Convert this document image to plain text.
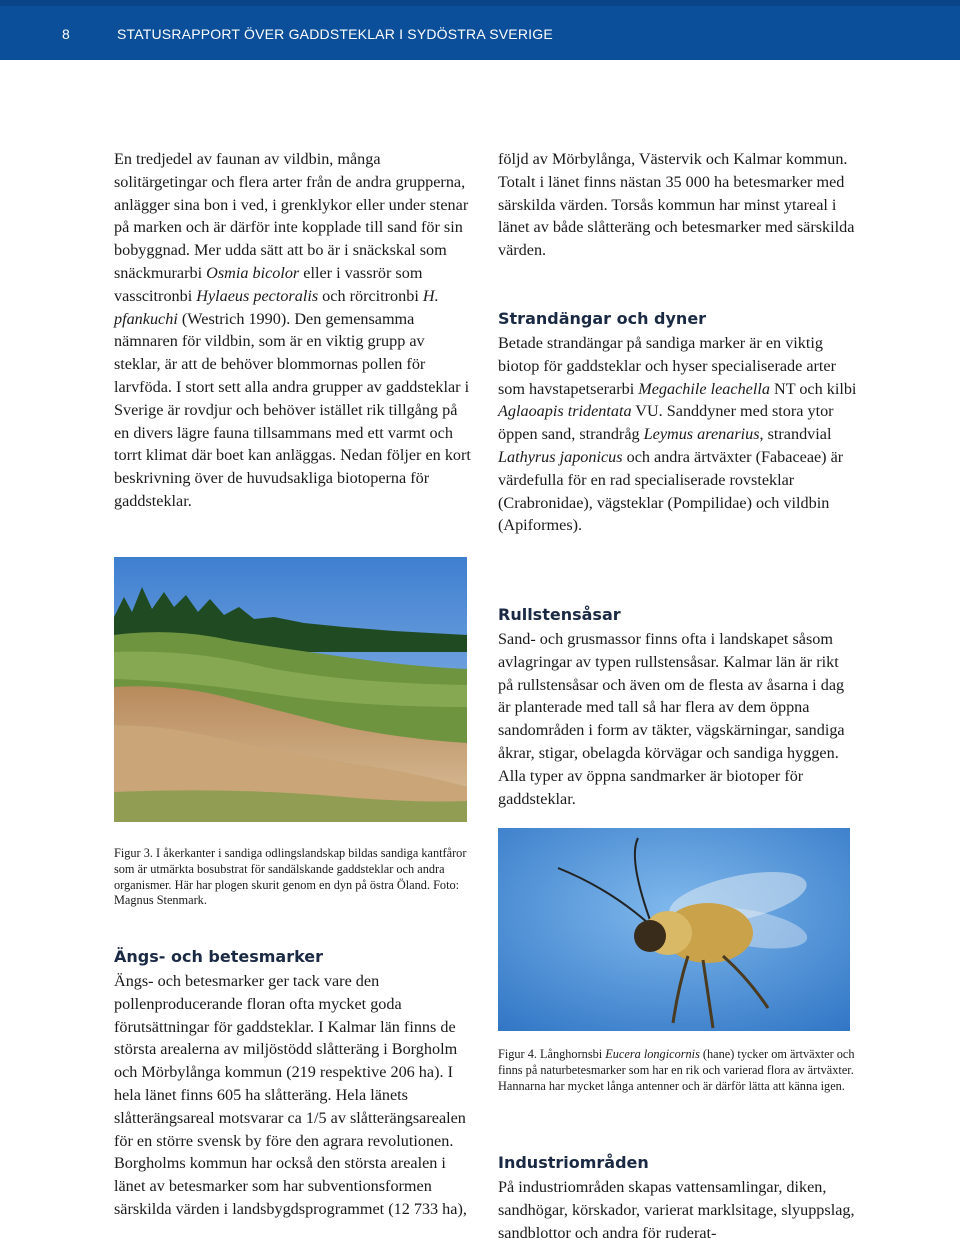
8	STATUSRAPPORT ÖVER GADDSTEKLAR I SYDÖSTRA SVERIGE

En tredjedel av faunan av vildbin, många solitärgetingar och flera arter från de andra grupperna, anlägger sina bon i ved, i grenklykor eller under stenar på marken och är därför inte kopplade till sand för sin bobyggnad. Mer udda sätt att bo är i snäckskal som snäckmurarbi Osmia bicolor eller i vassrör som vasscitronbi Hylaeus pectoralis och rörcitronbi H. pfankuchi (Westrich 1990). Den gemensamma nämnaren för vildbin, som är en viktig grupp av steklar, är att de behöver blommornas pollen för larvföda. I stort sett alla andra grupper av gaddsteklar i Sverige är rovdjur och behöver istället rik tillgång på en divers lägre fauna tillsammans med ett varmt och torrt klimat där boet kan anläggas. Nedan följer en kort beskrivning över de huvudsakliga biotoperna för gaddsteklar.

följd av Mörbylånga, Västervik och Kalmar kommun. Totalt i länet finns nästan 35 000 ha betesmarker med särskilda värden. Torsås kommun har minst ytareal i länet av både slåtteräng och betesmarker med särskilda värden.

Strandängar och dyner

Betade strandängar på sandiga marker är en viktig biotop för gaddsteklar och hyser specialiserade arter som havstapetserarbi Megachile leachella NT och kilbi Aglaoapis tridentata VU. Sanddyner med stora ytor öppen sand, strandråg Leymus arenarius, strandvial Lathyrus japonicus och andra ärtväxter (Fabaceae) är värdefulla för en rad specialiserade rovsteklar (Crabronidae), vägsteklar (Pompilidae) och vildbin (Apiformes).

Rullstensåsar

Sand- och grusmassor finns ofta i landskapet såsom avlagringar av typen rullstensåsar. Kalmar län är rikt på rullstensåsar och även om de flesta av åsarna i dag är planterade med tall så har flera av dem öppna sandområden i form av täkter, vägskärningar, sandiga åkrar, stigar, obelagda körvägar och sandiga hyggen. Alla typer av öppna sandmarker är biotoper för gaddsteklar.

Figur 3. I åkerkanter i sandiga odlingslandskap bildas sandiga kantfåror som är utmärkta bosubstrat för sandälskande gaddsteklar och andra organismer. Här har plogen skurit genom en dyn på östra Öland. Foto: Magnus Stenmark.
Figur 4. Långhornsbi Eucera longicornis (hane) tycker om ärtväxter och finns på naturbetesmarker som har en rik och varierad flora av ärtväxter. Hannarna har mycket långa antenner och är därför lätta att känna igen.
Ängs- och betesmarker

Ängs- och betesmarker ger tack vare den pollenproducerande floran ofta mycket goda förutsättningar för gaddsteklar. I Kalmar län finns de största arealerna av miljöstödd slåtteräng i Borgholm och Mörbylånga kommun (219 respektive 206 ha). I hela länet finns 605 ha slåtteräng. Hela länets slåtterängsareal motsvarar ca 1/5 av slåtterängsarealen för en större svensk by före den agrara revolutionen. Borgholms kommun har också den största arealen i länet av betesmarker som har subventionsformen särskilda värden i landsbygdsprogrammet (12 733 ha),

Industriområden

På industriområden skapas vattensamlingar, diken, sandhögar, körskador, varierat marklsitage, slyuppslag, sandblottor och andra för ruderat-
